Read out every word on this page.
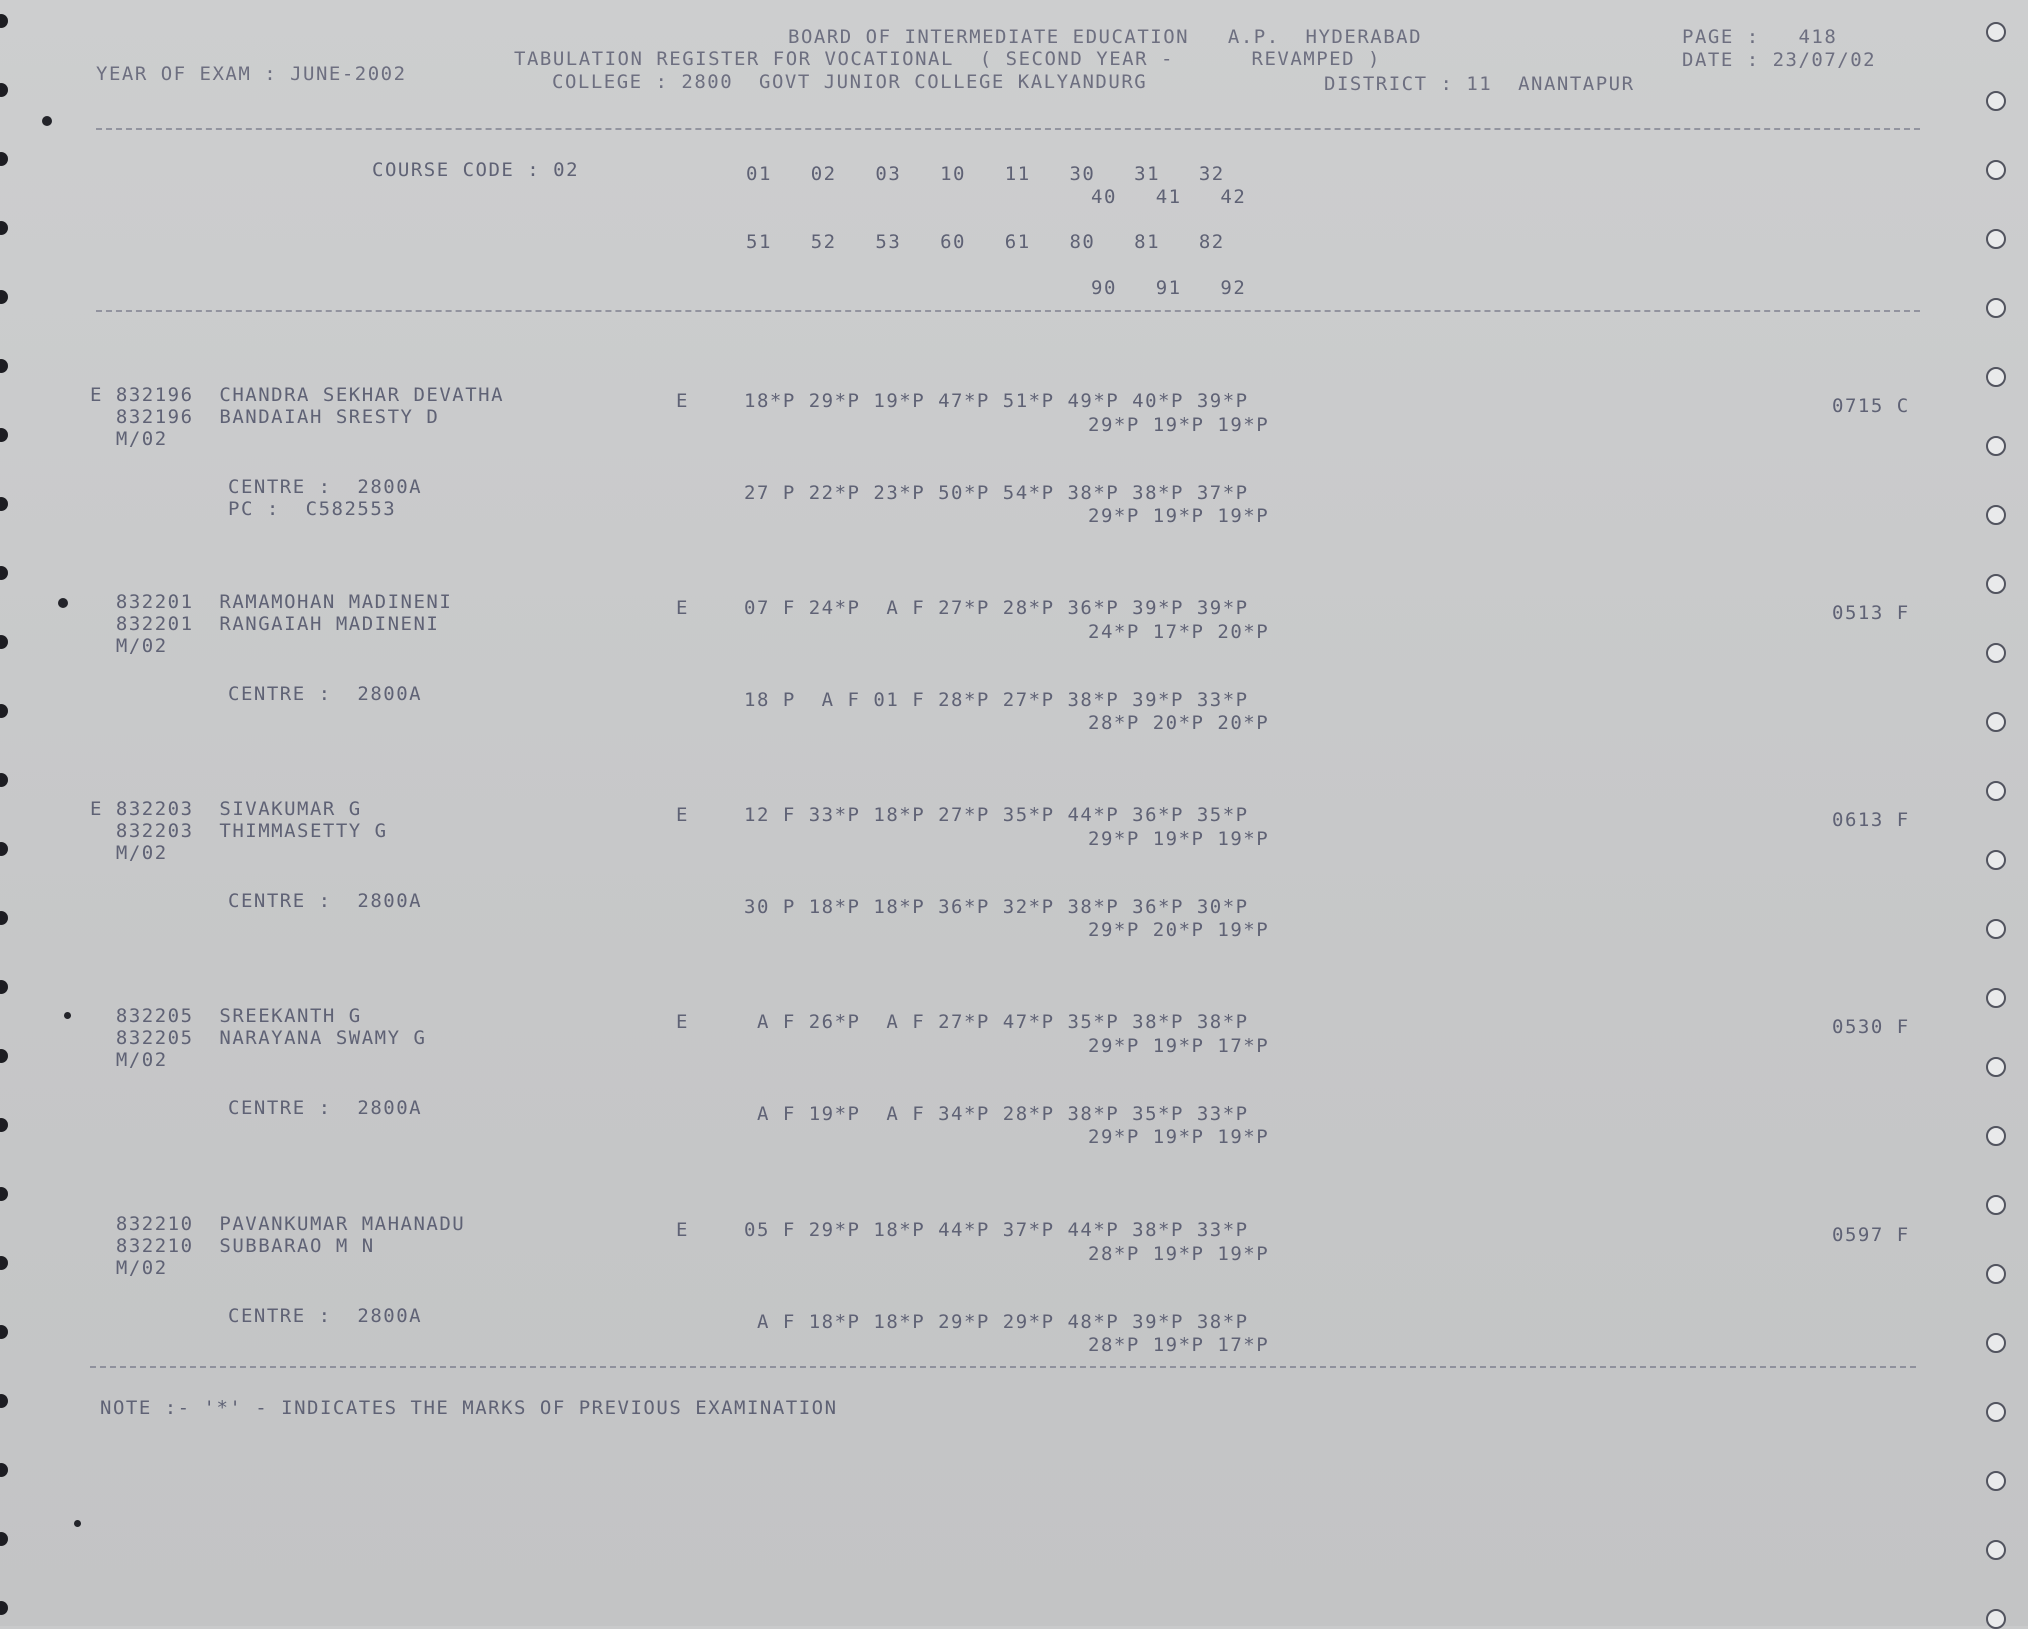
BOARD OF INTERMEDIATE EDUCATION   A.P.  HYDERABAD
TABULATION REGISTER FOR VOCATIONAL  ( SECOND YEAR -      REVAMPED )
COLLEGE : 2800  GOVT JUNIOR COLLEGE KALYANDURG
YEAR OF EXAM : JUNE-2002	DISTRICT : 11  ANANTAPUR
PAGE :   418
DATE : 23/07/02
COURSE CODE : 02	01   02   03   10   11   30   31   32
40   41   42
51   52   53   60   61   80   81   82
90   91   92
E 832196  CHANDRA SEKHAR DEVATHA
832196  BANDAIAH SRESTY D
M/02
E	18*P 29*P 19*P 47*P 51*P 49*P 40*P 39*P
29*P 19*P 19*P
CENTRE :  2800A
PC :  C582553
27 P 22*P 23*P 50*P 54*P 38*P 38*P 37*P
29*P 19*P 19*P
0715 C
832201  RAMAMOHAN MADINENI
832201  RANGAIAH MADINENI
M/02
E	07 F 24*P  A F 27*P 28*P 36*P 39*P 39*P
24*P 17*P 20*P
CENTRE :  2800A	18 P  A F 01 F 28*P 27*P 38*P 39*P 33*P
28*P 20*P 20*P
0513 F
E 832203  SIVAKUMAR G
832203  THIMMASETTY G
M/02
E	12 F 33*P 18*P 27*P 35*P 44*P 36*P 35*P
29*P 19*P 19*P
CENTRE :  2800A	30 P 18*P 18*P 36*P 32*P 38*P 36*P 30*P
29*P 20*P 19*P
0613 F
832205  SREEKANTH G
832205  NARAYANA SWAMY G
M/02
E	A F 26*P  A F 27*P 47*P 35*P 38*P 38*P
29*P 19*P 17*P
CENTRE :  2800A	A F 19*P  A F 34*P 28*P 38*P 35*P 33*P
29*P 19*P 19*P
0530 F
832210  PAVANKUMAR MAHANADU
832210  SUBBARAO M N
M/02
E	05 F 29*P 18*P 44*P 37*P 44*P 38*P 33*P
28*P 19*P 19*P
CENTRE :  2800A	A F 18*P 18*P 29*P 29*P 48*P 39*P 38*P
28*P 19*P 17*P
0597 F
NOTE :- '*' - INDICATES THE MARKS OF PREVIOUS EXAMINATION
